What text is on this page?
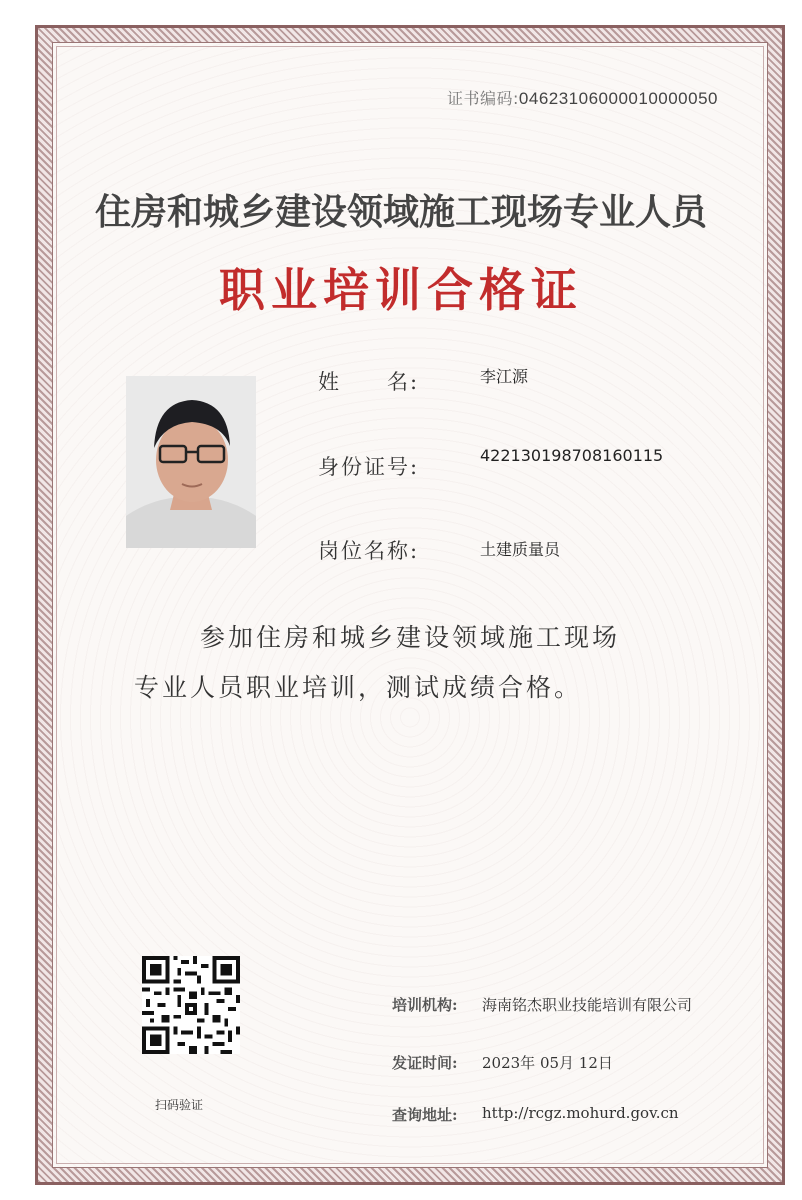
证书编码:04623106000010000050
住房和城乡建设领域施工现场专业人员
职业培训合格证
姓　　名:	李江源
身份证号:	422130198708160115
岗位名称:	土建质量员
参加住房和城乡建设领域施工现场
专业人员职业培训，测试成绩合格。
扫码验证
培训机构: 海南铭杰职业技能培训有限公司
发证时间: 2023年 05月 12日
查询地址: http://rcgz.mohurd.gov.cn
